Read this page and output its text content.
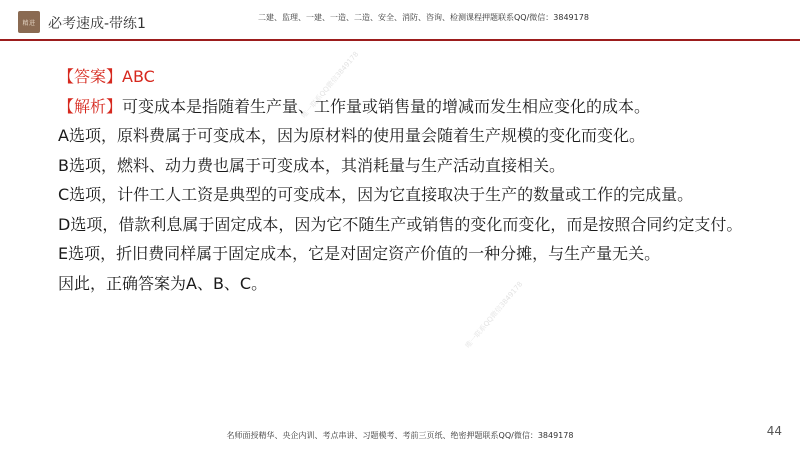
精进 必考速成-带练1	二建、监理、一建、一造、二造、安全、消防、咨询、检测课程押题联系QQ/微信：3849178
唯一联系QQ微信3849178
唯一联系QQ微信3849178

【答案】ABC

【解析】可变成本是指随着生产量、工作量或销售量的增减而发生相应变化的成本。

A选项，原料费属于可变成本，因为原材料的使用量会随着生产规模的变化而变化。

B选项，燃料、动力费也属于可变成本，其消耗量与生产活动直接相关。

C选项，计件工人工资是典型的可变成本，因为它直接取决于生产的数量或工作的完成量。

D选项，借款利息属于固定成本，因为它不随生产或销售的变化而变化，而是按照合同约定支付。

E选项，折旧费同样属于固定成本，它是对固定资产价值的一种分摊，与生产量无关。

因此，正确答案为A、B、C。

44
名师面授精华、央企内训、考点串讲、习题模考、考前三页纸、绝密押题联系QQ/微信：3849178
